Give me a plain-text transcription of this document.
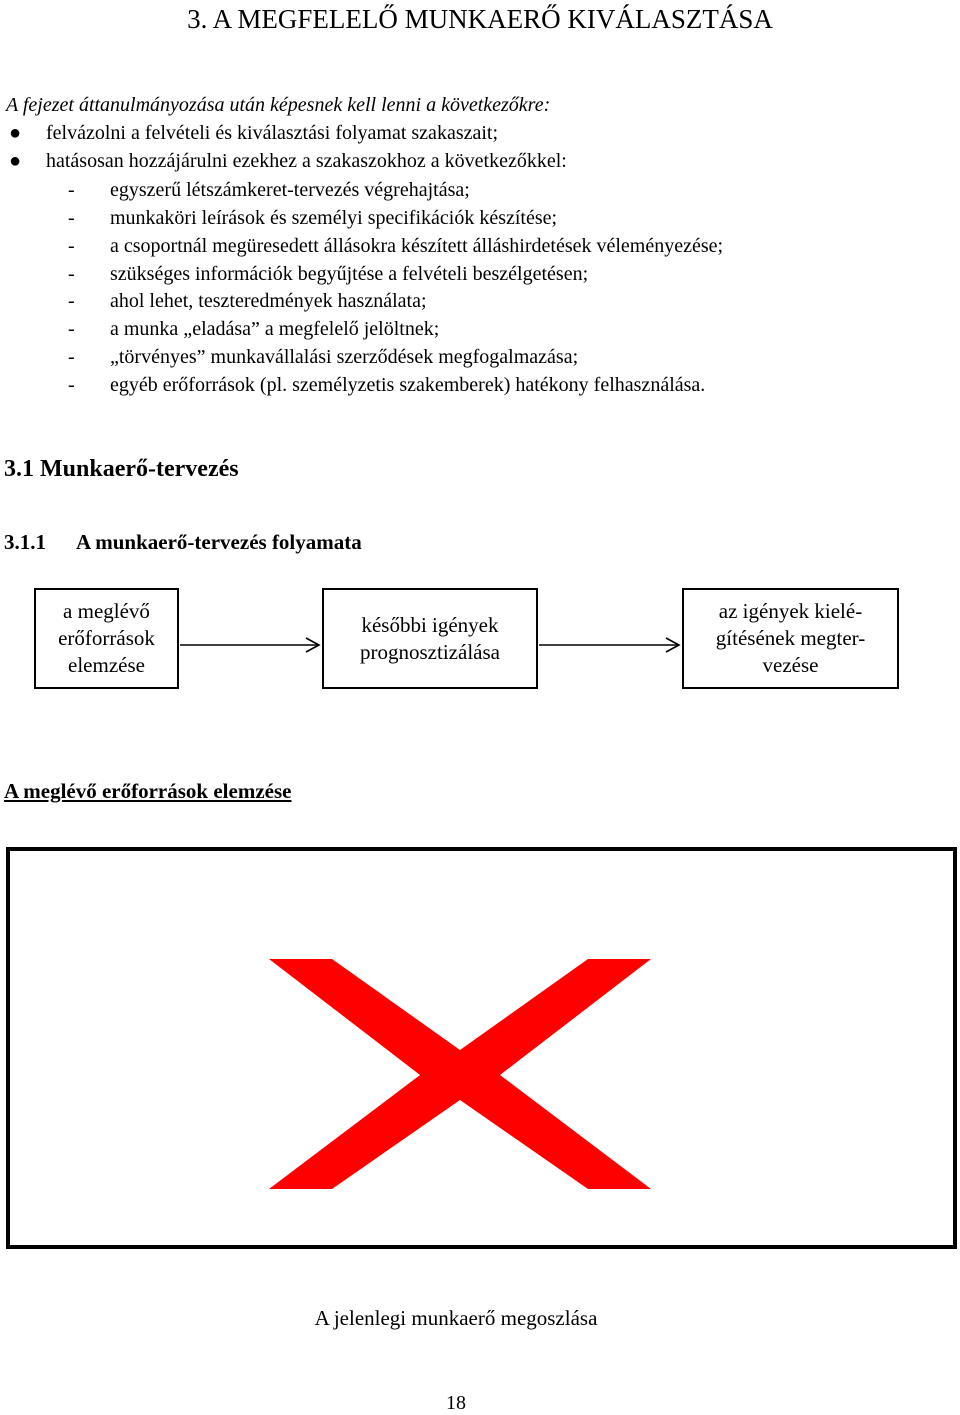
3. A MEGFELELŐ MUNKAERŐ KIVÁLASZTÁSA
A fejezet áttanulmányozása után képesnek kell lenni a következőkre:
● felvázolni a felvételi és kiválasztási folyamat szakaszait;
● hatásosan hozzájárulni ezekhez a szakaszokhoz a következőkkel:
- egyszerű létszámkeret-tervezés végrehajtása;
- munkaköri leírások és személyi specifikációk készítése;
- a csoportnál megüresedett állásokra készített álláshirdetések véleményezése;
- szükséges információk begyűjtése a felvételi beszélgetésen;
- ahol lehet, teszteredmények használata;
- a munka „eladása” a megfelelő jelöltnek;
- „törvényes” munkavállalási szerződések megfogalmazása;
- egyéb erőforrások (pl. személyzetis szakemberek) hatékony felhasználása.
3.1 Munkaerő-tervezés
3.1.1 A munkaerő-tervezés folyamata
a meglévő
erőforrások
elemzése
későbbi igények
prognosztizálása
az igények kielé-
gítésének megter-
vezése
A meglévő erőforrások elemzése
A jelenlegi munkaerő megoszlása
18
